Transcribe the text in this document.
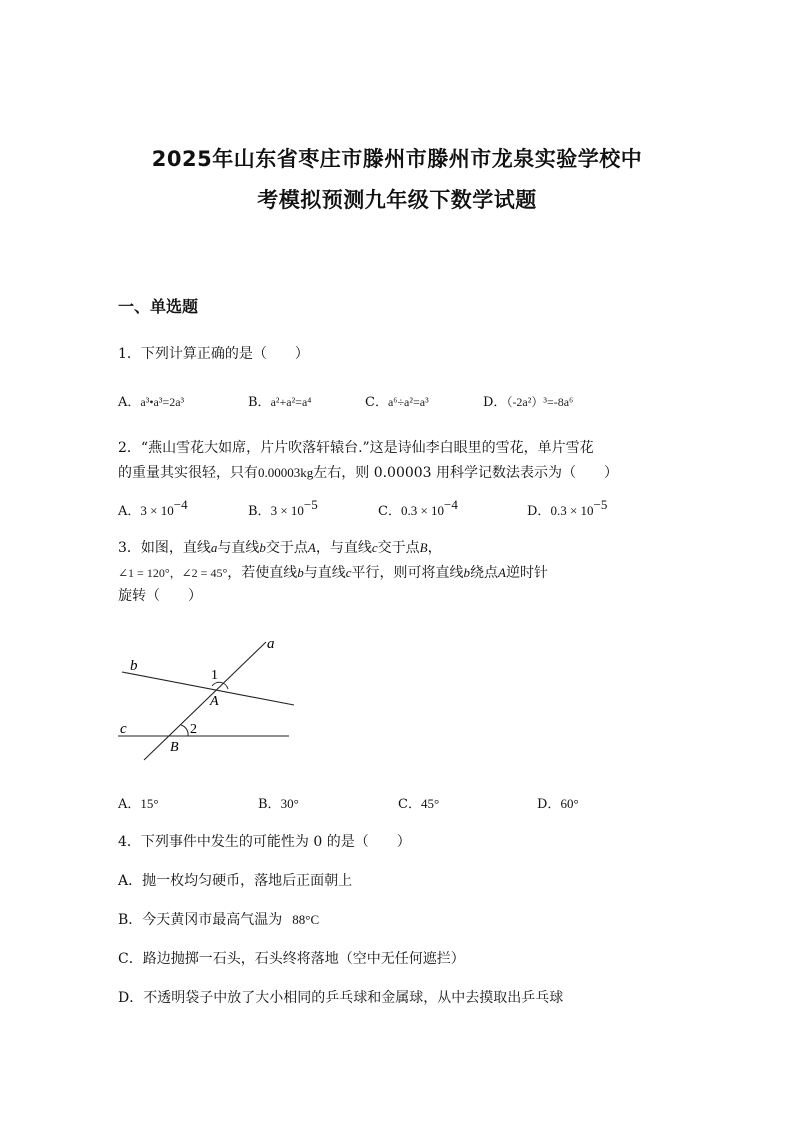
2025年山东省枣庄市滕州市滕州市龙泉实验学校中
考模拟预测九年级下数学试题
一、单选题
1．下列计算正确的是（　　）
A．a³•a³=2a³	B．a²+a²=a⁴	C．a⁶÷a²=a³	D．（-2a²）³=-8a⁶
2．“燕山雪花大如席，片片吹落轩辕台.”这是诗仙李白眼里的雪花，单片雪花
的重量其实很轻，只有0.00003kg左右，则 0.00003 用科学记数法表示为（　　）
A．$3 \times 10^{-4}$	B．$3 \times 10^{-5}$	C．$0.3 \times 10^{-4}$	D．$0.3 \times 10^{-5}$
3．如图，直线a与直线b交于点A，与直线c交于点B，
∠1 = 120°，∠2 = 45°，若使直线b与直线c平行，则可将直线b绕点A逆时针
旋转（　　）
a
b
c
1
2
A
B
A．15°	B．30°	C．45°	D．60°
4．下列事件中发生的可能性为 0 的是（　　）
A．抛一枚均匀硬币，落地后正面朝上
B．今天黄冈市最高气温为 88°C
C．路边抛掷一石头，石头终将落地（空中无任何遮拦）
D．不透明袋子中放了大小相同的乒乓球和金属球，从中去摸取出乒乓球
